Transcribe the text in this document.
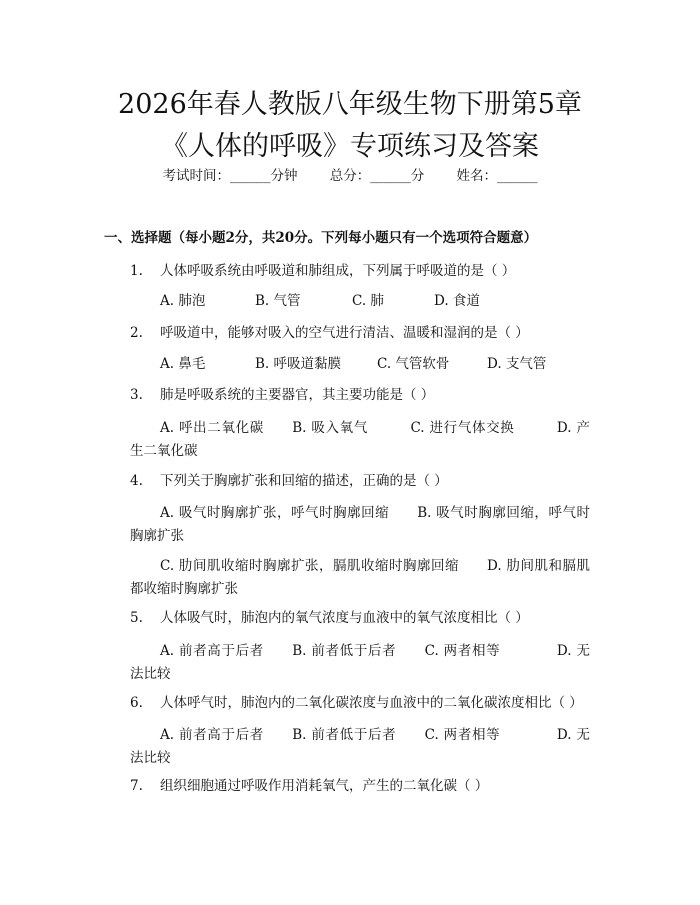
2026年春人教版八年级生物下册第5章《人体的呼吸》专项练习及答案
考试时间：______分钟 总分：______分 姓名：______
一、选择题（每小题2分，共20分。下列每小题只有一个选项符合题意）
1. 人体呼吸系统由呼吸道和肺组成，下列属于呼吸道的是（ ）
A. 肺泡	B. 气管	C. 肺	D. 食道
2. 呼吸道中，能够对吸入的空气进行清洁、温暖和湿润的是（ ）
A. 鼻毛	B. 呼吸道黏膜	C. 气管软骨	D. 支气管
3. 肺是呼吸系统的主要器官，其主要功能是（ ）

A. 呼出二氧化碳　　B. 吸入氧气　　　C. 进行气体交换　　　D. 产

生二氧化碳

4. 下列关于胸廓扩张和回缩的描述，正确的是（ ）

A. 吸气时胸廓扩张，呼气时胸廓回缩　　B. 吸气时胸廓回缩，呼气时

胸廓扩张

C. 肋间肌收缩时胸廓扩张，膈肌收缩时胸廓回缩　　D. 肋间肌和膈肌

都收缩时胸廓扩张

5. 人体吸气时，肺泡内的氧气浓度与血液中的氧气浓度相比（ ）

A. 前者高于后者　　B. 前者低于后者　　C. 两者相等　　　　D. 无

法比较

6. 人体呼气时，肺泡内的二氧化碳浓度与血液中的二氧化碳浓度相比（ ）

A. 前者高于后者　　B. 前者低于后者　　C. 两者相等　　　　D. 无

法比较

7. 组织细胞通过呼吸作用消耗氧气，产生的二氧化碳（ ）
